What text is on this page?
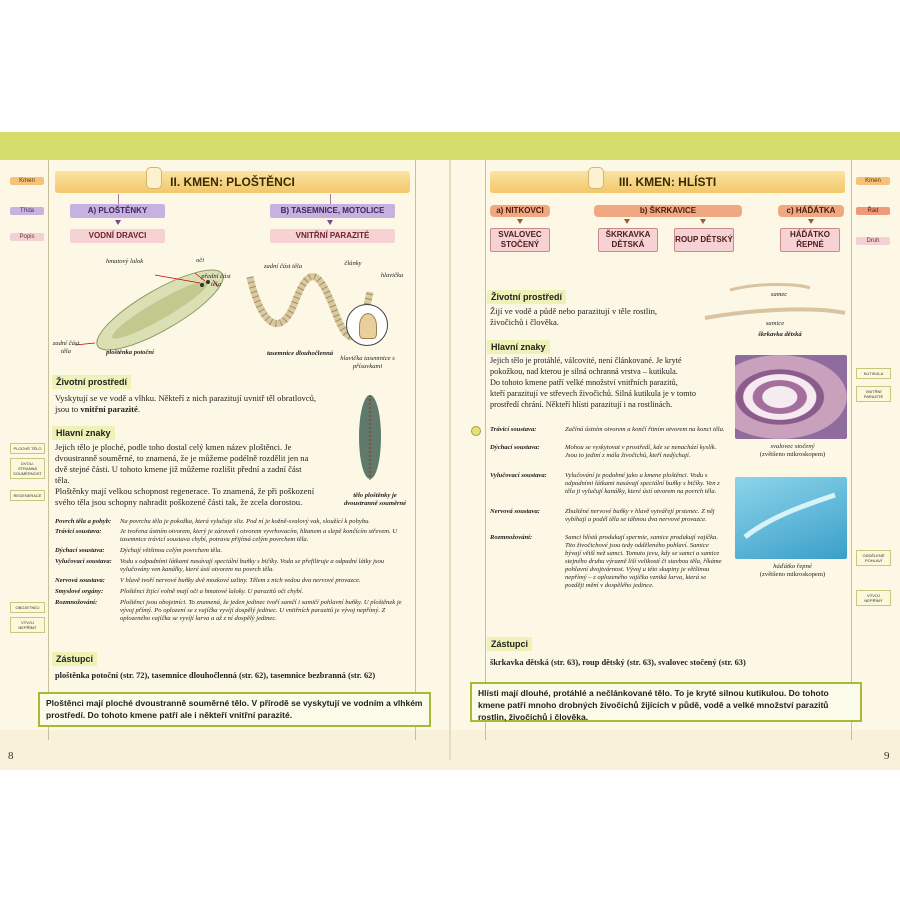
Kmen
Třída
Popis
II. KMEN: PLOŠTĚNCI
A) PLOŠTĚNKY	B) TASEMNICE, MOTOLICE
VODNÍ DRAVCI	VNITŘNÍ PARAZITÉ
hmatový lalok	oči
přední část těla
zadní část těla	ploštěnka potoční
zadní část těla	články
hlavička
tasemnice dlouhočlenná
hlavička tasemnice s přísavkami
tělo ploštěnky je dvoustranně souměrné
PLOCHÉ TĚLO
DVOU-STRANNÁ SOUMĚRNOST
REGENERACE
OBOJETNÍCI
VÝVOJ NEPŘÍMÝ
Životní prostředí
Vyskytují se ve vodě a vlhku. Někteří z nich parazitují uvnitř těl obratlovců,
jsou to vnitřní parazité.
Hlavní znaky
Jejich tělo je ploché, podle toho dostal celý kmen název ploštěnci. Je
dvoustranně souměrné, to znamená, že je můžeme podélně rozdělit jen na
dvě stejné části. U tohoto kmene již můžeme rozlišit přední a zadní část
těla.
Ploštěnky mají velkou schopnost regenerace. To znamená, že při poškození
svého těla jsou schopny nahradit poškozené části tak, že zcela dorostou.
Povrch těla a pohyb:	Na povrchu těla je pokožka, která vylučuje sliz. Pod ní je kožně-svalový vak, sloužící k pohybu.
Trávicí soustava:	Je tvořena ústním otvorem, který je zároveň i otvorem vyvrhovacím, hltanem a slepě končícím střevem. U tasemnice trávicí soustava chybí, potravu přijímá celým povrchem těla.
Dýchací soustava:	Dýchají většinou celým povrchem těla.
Vylučovací soustava:	Vodu s odpadními látkami nasávají speciální buňky s bičíky. Voda se přefiltruje a odpadní látky jsou vylučovány ven kanálky, které ústí otvorem na povrch těla.
Nervová soustava:	V hlavě tvoří nervové buňky dvě mozkové uzliny. Tělem z nich vedou dva nervové provazce.
Smyslové orgány:	Ploštěnci žijící volně mají oči a hmatové laloky. U parazitů oči chybí.
Rozmnožování:	Ploštěnci jsou obojetníci. To znamená, že jeden jedinec tvoří samčí i samičí pohlavní buňky. U ploštěnek je vývoj přímý. Po oplození se z vajíčka vyvíjí dospělý jedinec. U vnitřních parazitů je vývoj nepřímý. Z oplozeného vajíčka se vyvíjí larva a až z ní dospělý jedinec.
Zástupci
ploštěnka potoční (str. 72), tasemnice dlouhočlenná (str. 62), tasemnice bezbranná (str. 62)
Ploštěnci mají ploché dvoustranně souměrné tělo. V přírodě se vyskytují ve vodním a vlhkém prostředí. Do tohoto kmene patří ale i někteří vnitřní parazité.
8
Kmen
Řád
Druh
III. KMEN: HLÍSTI
a) NITKOVCI	b) ŠKRKAVICE	c) HÁĎÁTKA
SVALOVEC STOČENÝ
ŠKRKAVKA DĚTSKÁ
ROUP DĚTSKÝ
HÁĎÁTKO ŘEPNÉ
samec
samice
škrkavka dětská
svalovec stočený
(zvětšeno mikroskopem)
háďátko řepné
(zvětšeno mikroskopem)
KUTIKULA
VNITŘNÍ PARAZITÉ
ODDĚLENÉ POHLAVÍ
VÝVOJ NEPŘÍMÝ
Životní prostředí
Žijí ve vodě a půdě nebo parazitují v těle rostlin,
živočichů i člověka.
Hlavní znaky
Jejich tělo je protáhlé, válcovité, není článkované. Je kryté
pokožkou, nad kterou je silná ochranná vrstva – kutikula.
Do tohoto kmene patří velké množství vnitřních parazitů,
kteří parazitují ve střevech živočichů. Silná kutikula je v tomto
prostředí chrání. Někteří hlísti parazitují i na rostlinách.
Trávicí soustava:	Začíná ústním otvorem a končí řitním otvorem na konci těla.
Dýchací soustava:	Mohou se vyskytovat v prostředí, kde se nenachází kyslík. Jsou to jediní z mála živočichů, kteří nedýchají.
Vylučovací soustava:	Vylučování je podobné jako u kmene ploštěnci. Vodu s odpadními látkami nasávají speciální buňky s bičíky. Ven z těla ji vylučují kanálky, které ústí otvorem na povrch těla.
Nervová soustava:	Zhuštěné nervové buňky v hlavě vytvářejí prstenec. Z něj vybíhají a podél těla se táhnou dva nervové provazce.
Rozmnožování:	Samci hlístů produkují spermie, samice produkují vajíčka. Tito živočichové jsou tedy odděleného pohlaví. Samice bývají větší než samci. Tomuto jevu, kdy se samci a samice stejného druhu výrazně liší velikostí či stavbou těla, říkáme pohlavní dvojtvárnost. Vývoj u této skupiny je většinou nepřímý – z oplozeného vajíčka vzniká larva, která se později mění v dospělého jedince.
Zástupci
škrkavka dětská (str. 63), roup dětský (str. 63), svalovec stočený (str. 63)
Hlísti mají dlouhé, protáhlé a nečlánkované tělo. To je kryté silnou kutikulou. Do tohoto kmene patří mnoho drobných živočichů žijících v půdě, vodě a velké množství parazitů rostlin, živočichů i člověka.
9
